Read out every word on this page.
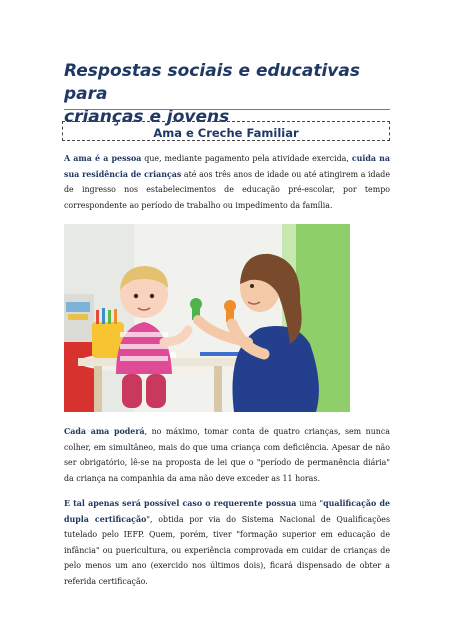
Respostas sociais e educativas para
crianças e jovens
Ama e Creche Familiar

A ama é a pessoa que, mediante pagamento pela atividade exercida, cuida na sua residência de crianças até aos três anos de idade ou até atingirem a idade de ingresso nos estabelecimentos de educação pré-escolar, por tempo correspondente ao período de trabalho ou impedimento da família.

Cada ama poderá, no máximo, tomar conta de quatro crianças, sem nunca colher, em simultâneo, mais do que uma criança com deficiência. Apesar de não ser obrigatório, lê-se na proposta de lei que o "período de permanência diária" da criança na companhia da ama não deve exceder as 11 horas.

E tal apenas será possível caso o requerente possua uma "qualificação de dupla certificação", obtida por via do Sistema Nacional de Qualificações tutelado pelo IEFP. Quem, porém, tiver "formação superior em educação de infância" ou puericultura, ou experiência comprovada em cuidar de crianças de pelo menos um ano (exercido nos últimos dois), ficará dispensado de obter a referida certificação.
